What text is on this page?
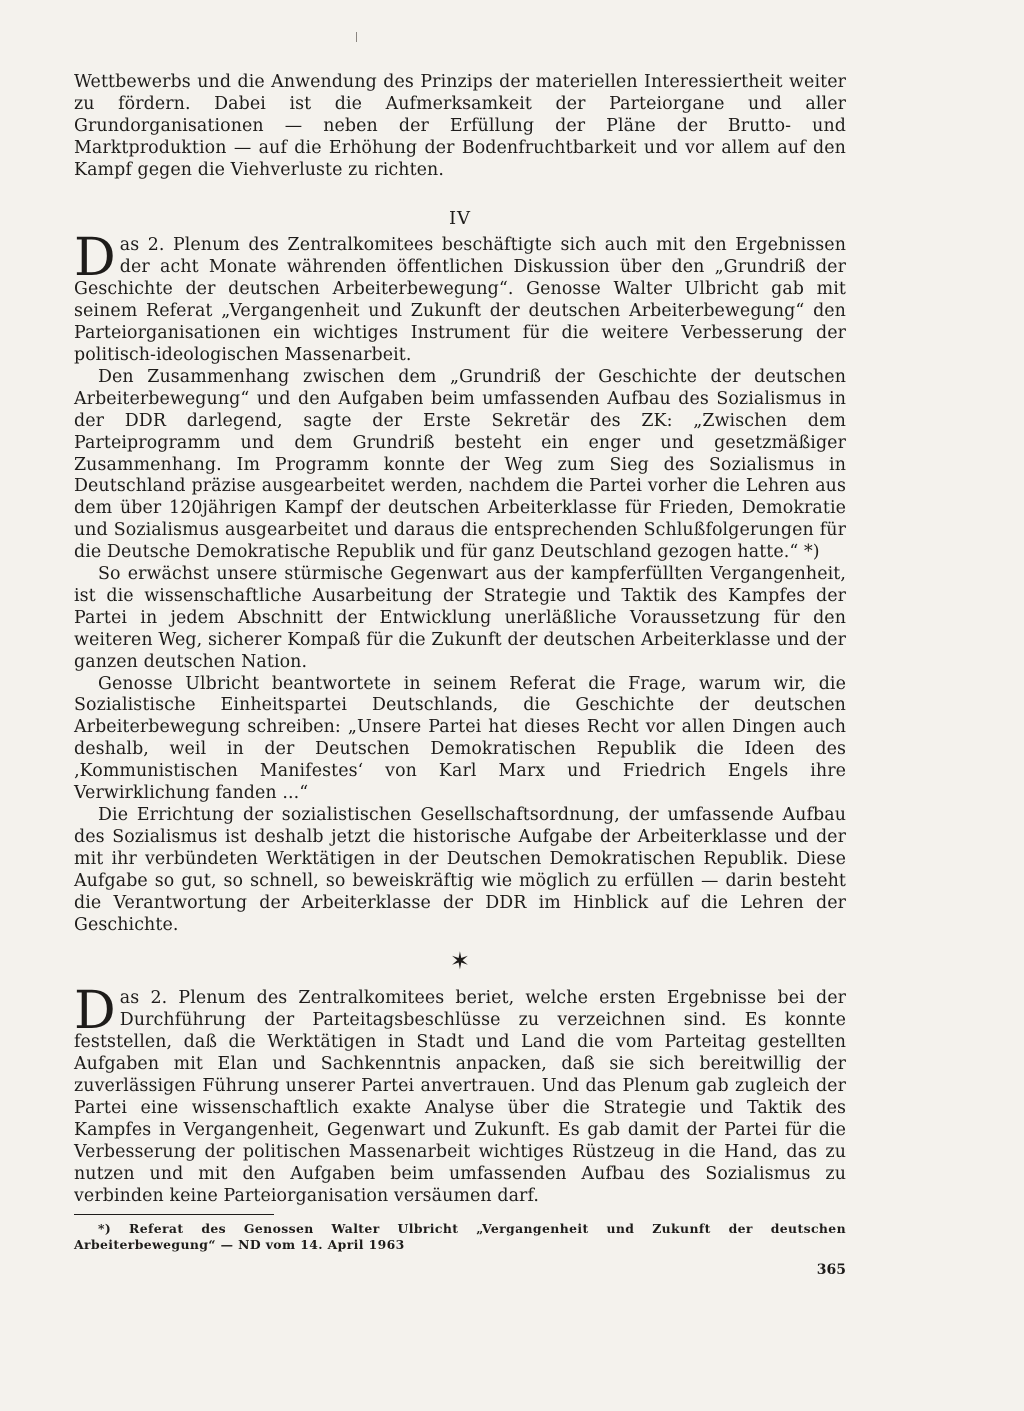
Wettbewerbs und die Anwendung des Prinzips der materiellen Interessiertheit weiter zu fördern. Dabei ist die Aufmerksamkeit der Parteiorgane und aller Grundorganisationen — neben der Erfüllung der Pläne der Brutto- und Marktproduktion — auf die Erhöhung der Bodenfruchtbarkeit und vor allem auf den Kampf gegen die Viehverluste zu richten.

IV

Das 2. Plenum des Zentralkomitees beschäftigte sich auch mit den Ergebnissen der acht Monate währenden öffentlichen Diskussion über den „Grundriß der Geschichte der deutschen Arbeiterbewegung“. Genosse Walter Ulbricht gab mit seinem Referat „Vergangenheit und Zukunft der deutschen Arbeiterbewegung“ den Parteiorganisationen ein wichtiges Instrument für die weitere Verbesserung der politisch-ideologischen Massenarbeit.

Den Zusammenhang zwischen dem „Grundriß der Geschichte der deutschen Arbeiterbewegung“ und den Aufgaben beim umfassenden Aufbau des Sozialismus in der DDR darlegend, sagte der Erste Sekretär des ZK: „Zwischen dem Parteiprogramm und dem Grundriß besteht ein enger und gesetzmäßiger Zusammenhang. Im Programm konnte der Weg zum Sieg des Sozialismus in Deutschland präzise ausgearbeitet werden, nachdem die Partei vorher die Lehren aus dem über 120jährigen Kampf der deutschen Arbeiterklasse für Frieden, Demokratie und Sozialismus ausgearbeitet und daraus die entsprechenden Schlußfolgerungen für die Deutsche Demokratische Republik und für ganz Deutschland gezogen hatte.“ *)

So erwächst unsere stürmische Gegenwart aus der kampferfüllten Vergangenheit, ist die wissenschaftliche Ausarbeitung der Strategie und Taktik des Kampfes der Partei in jedem Abschnitt der Entwicklung unerläßliche Voraussetzung für den weiteren Weg, sicherer Kompaß für die Zukunft der deutschen Arbeiterklasse und der ganzen deutschen Nation.

Genosse Ulbricht beantwortete in seinem Referat die Frage, warum wir, die Sozialistische Einheitspartei Deutschlands, die Geschichte der deutschen Arbeiterbewegung schreiben: „Unsere Partei hat dieses Recht vor allen Dingen auch deshalb, weil in der Deutschen Demokratischen Republik die Ideen des ‚Kommunistischen Manifestes‘ von Karl Marx und Friedrich Engels ihre Verwirklichung fanden ...“

Die Errichtung der sozialistischen Gesellschaftsordnung, der umfassende Aufbau des Sozialismus ist deshalb jetzt die historische Aufgabe der Arbeiterklasse und der mit ihr verbündeten Werktätigen in der Deutschen Demokratischen Republik. Diese Aufgabe so gut, so schnell, so beweiskräftig wie möglich zu erfüllen — darin besteht die Verantwortung der Arbeiterklasse der DDR im Hinblick auf die Lehren der Geschichte.

✶

Das 2. Plenum des Zentralkomitees beriet, welche ersten Ergebnisse bei der Durchführung der Parteitagsbeschlüsse zu verzeichnen sind. Es konnte feststellen, daß die Werktätigen in Stadt und Land die vom Parteitag gestellten Aufgaben mit Elan und Sachkenntnis anpacken, daß sie sich bereitwillig der zuverlässigen Führung unserer Partei anvertrauen. Und das Plenum gab zugleich der Partei eine wissenschaftlich exakte Analyse über die Strategie und Taktik des Kampfes in Vergangenheit, Gegenwart und Zukunft. Es gab damit der Partei für die Verbesserung der politischen Massenarbeit wichtiges Rüstzeug in die Hand, das zu nutzen und mit den Aufgaben beim umfassenden Aufbau des Sozialismus zu verbinden keine Parteiorganisation versäumen darf.

*) Referat des Genossen Walter Ulbricht „Vergangenheit und Zukunft der deutschen Arbeiterbewegung“ — ND vom 14. April 1963

365
